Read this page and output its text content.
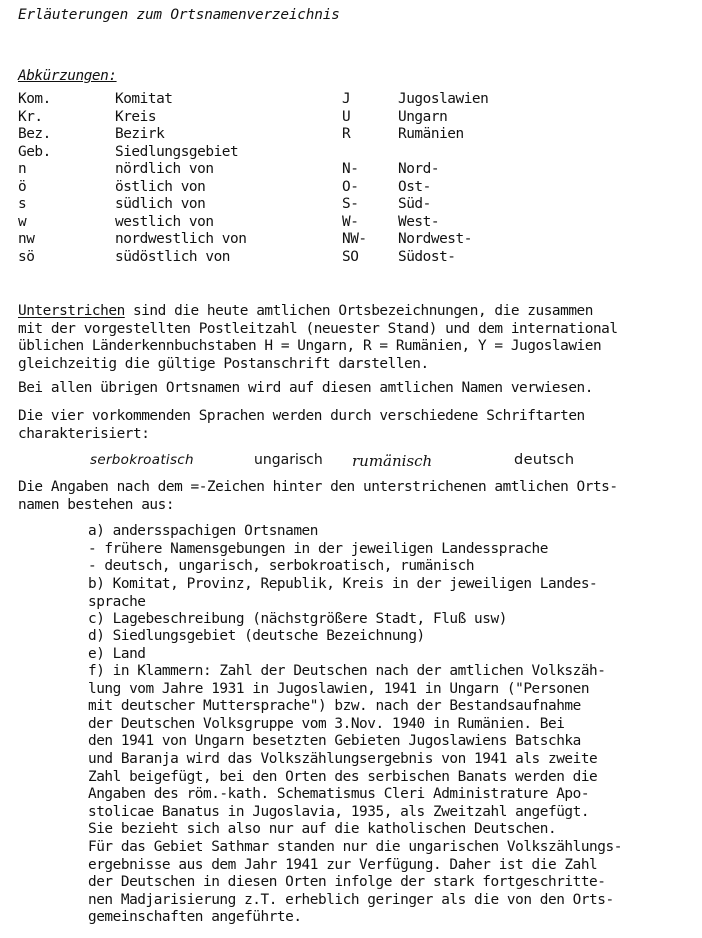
Erläuterungen zum Ortsnamenverzeichnis
Abkürzungen:
Kom.	Komitat	J	Jugoslawien
Kr.	Kreis	U	Ungarn
Bez.	Bezirk	R	Rumänien
Geb.	Siedlungsgebiet
n	nördlich von	N-	Nord-
ö	östlich von	O-	Ost-
s	südlich von	S-	Süd-
w	westlich von	W-	West-
nw	nordwestlich von	NW- Nordwest-
sö	südöstlich von	SO	Südost-
Unterstrichen sind die heute amtlichen Ortsbezeichnungen, die zusammen
mit der vorgestellten Postleitzahl (neuester Stand) und dem international
üblichen Länderkennbuchstaben H = Ungarn, R = Rumänien, Y = Jugoslawien
gleichzeitig die gültige Postanschrift darstellen.
Bei allen übrigen Ortsnamen wird auf diesen amtlichen Namen verwiesen.
Die vier vorkommenden Sprachen werden durch verschiedene Schriftarten
charakterisiert:
serbokroatisch	ungarisch rumänisch	deutsch
Die Angaben nach dem =-Zeichen hinter den unterstrichenen amtlichen Orts-
namen bestehen aus:
a) andersspachigen Ortsnamen
- frühere Namensgebungen in der jeweiligen Landessprache
- deutsch, ungarisch, serbokroatisch, rumänisch
b) Komitat, Provinz, Republik, Kreis in der jeweiligen Landes-
sprache
c) Lagebeschreibung (nächstgrößere Stadt, Fluß usw)
d) Siedlungsgebiet (deutsche Bezeichnung)
e) Land
f) in Klammern: Zahl der Deutschen nach der amtlichen Volkszäh-
lung vom Jahre 1931 in Jugoslawien, 1941 in Ungarn ("Personen
mit deutscher Muttersprache") bzw. nach der Bestandsaufnahme
der Deutschen Volksgruppe vom 3.Nov. 1940 in Rumänien. Bei
den 1941 von Ungarn besetzten Gebieten Jugoslawiens Batschka
und Baranja wird das Volkszählungsergebnis von 1941 als zweite
Zahl beigefügt, bei den Orten des serbischen Banats werden die
Angaben des röm.-kath. Schematismus Cleri Administrature Apo-
stolicae Banatus in Jugoslavia, 1935, als Zweitzahl angefügt.
Sie bezieht sich also nur auf die katholischen Deutschen.
Für das Gebiet Sathmar standen nur die ungarischen Volkszählungs-
ergebnisse aus dem Jahr 1941 zur Verfügung. Daher ist die Zahl
der Deutschen in diesen Orten infolge der stark fortgeschritte-
nen Madjarisierung z.T. erheblich geringer als die von den Orts-
gemeinschaften angeführte.
